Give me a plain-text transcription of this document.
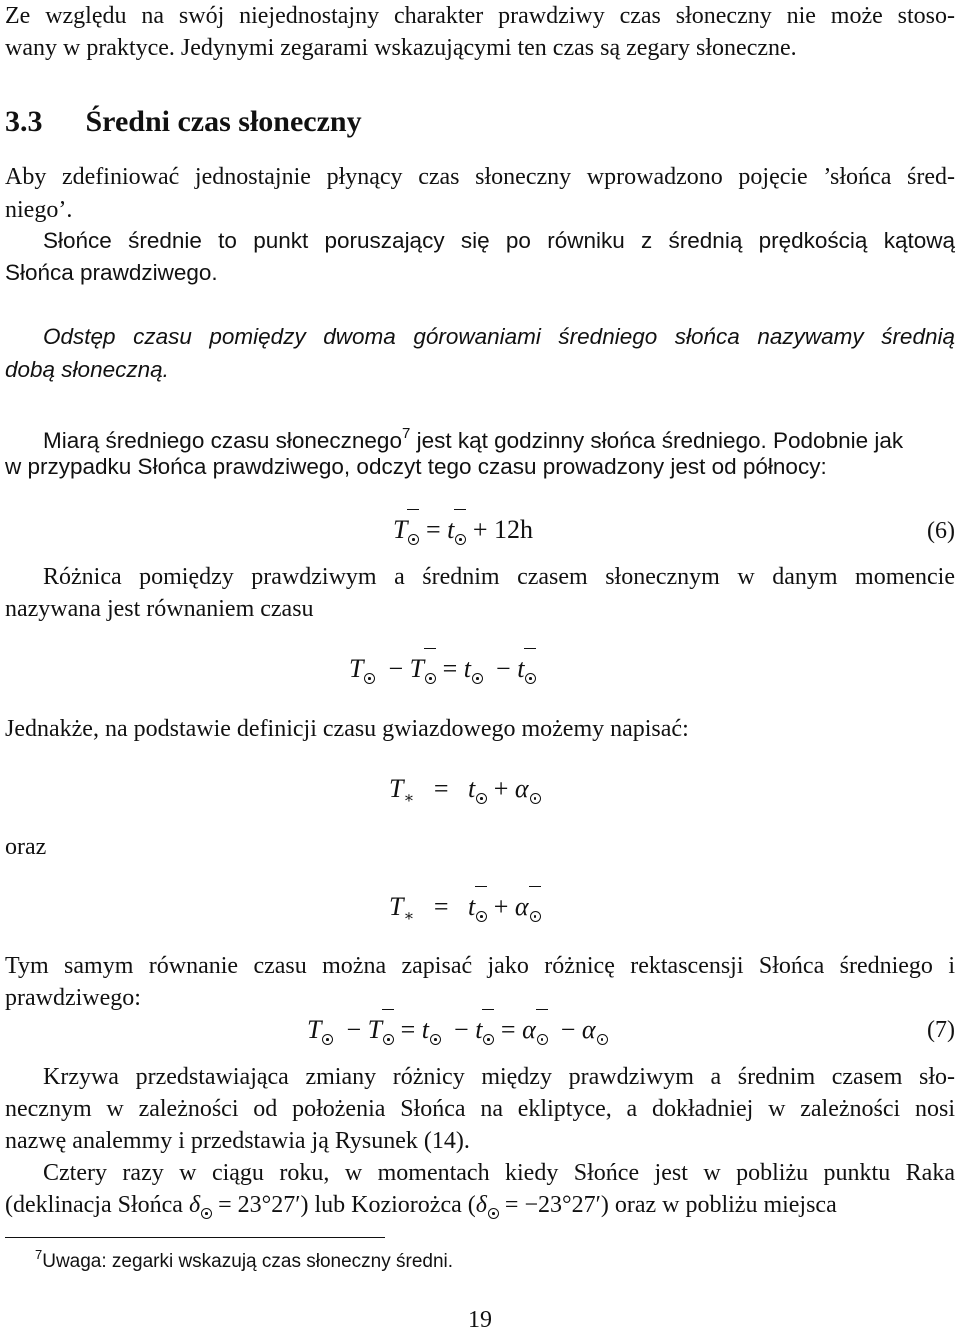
Ze względu na swój niejednostajny charakter prawdziwy czas słoneczny nie może stoso-
wany w praktyce. Jedynymi zegarami wskazującymi ten czas są zegary słoneczne.
3.3 Średni czas słoneczny
Aby zdefiniować jednostajnie płynący czas słoneczny wprowadzono pojęcie ’słońca śred-
niego’.
Słońce średnie to punkt poruszający się po równiku z średnią prędkością kątową
Słońca prawdziwego.
Odstęp czasu pomiędzy dwoma górowaniami średniego słońca nazywamy średnią
dobą słoneczną.
Miarą średniego czasu słonecznego$^7$ jest kąt godzinny słońca średniego. Podobnie jak
w przypadku Słońca prawdziwego, odczyt tego czasu prowadzony jest od północy:
T = t + 12h	(6)
Różnica pomiędzy prawdziwym a średnim czasem słonecznym w danym momencie
nazywana jest równaniem czasu
T  − T = t  − t
Jednakże, na podstawie definicji czasu gwiazdowego możemy napisać:
$T_∗ = t + \alpha$
oraz
$T_∗ = t + \alpha$
Tym samym równanie czasu można zapisać jako różnicę rektascensji Słońca średniego i
prawdziwego:
T  − T = t  − t = α  − α	(7)
Krzywa przedstawiająca zmiany różnicy między prawdziwym a średnim czasem sło-
necznym w zależności od położenia Słońca na ekliptyce, a dokładniej w zależności nosi
nazwę analemmy i przedstawia ją Rysunek (14).
Cztery razy w ciągu roku, w momentach kiedy Słońce jest w pobliżu punktu Raka
(deklinacja Słońca δ = 23°27′) lub Koziorożca (δ = −23°27′) oraz w pobliżu miejsca
$^7$Uwaga: zegarki wskazują czas słoneczny średni.
19
